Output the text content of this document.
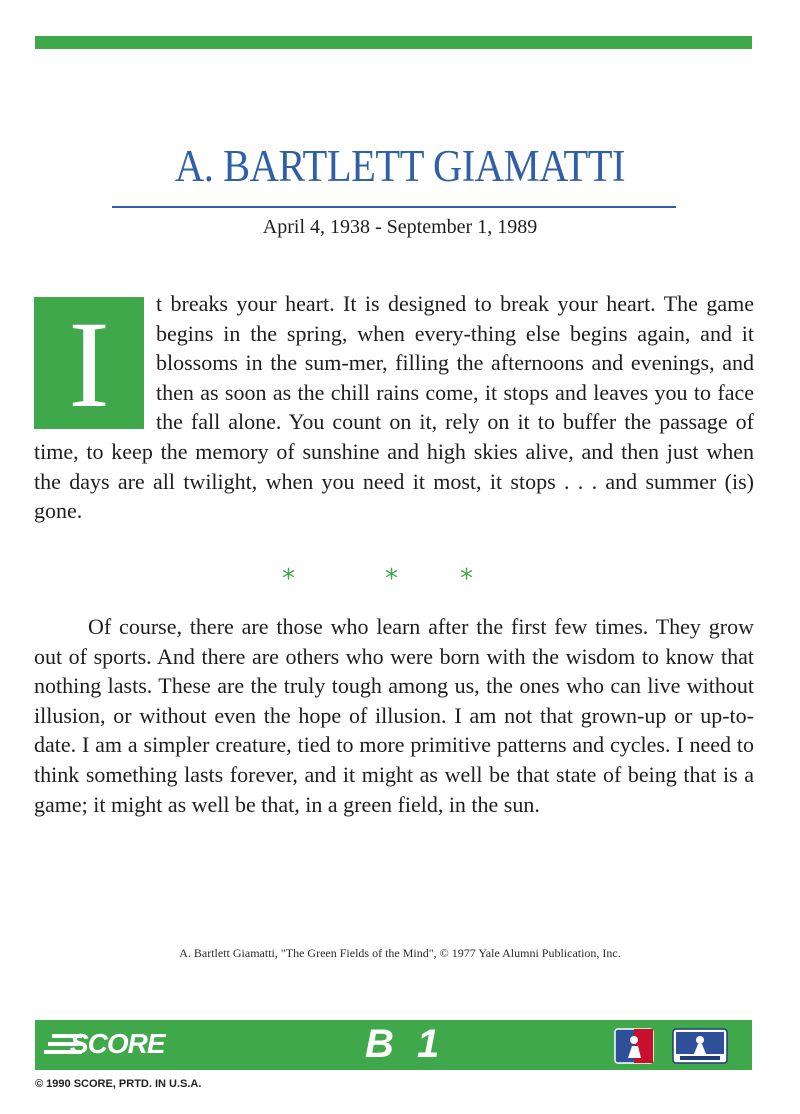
A. BARTLETT GIAMATTI
April 4, 1938 - September 1, 1989

I	t breaks your heart. It is designed to break your heart. The game begins in the spring, when every-thing else begins again, and it blossoms in the sum-mer, filling the afternoons and evenings, and then as soon as the chill rains come, it stops and leaves you to face the fall alone. You count on it, rely on it to buffer the passage of time, to keep the memory of sunshine and high skies alive, and then just when the days are all twilight, when you need it most, it stops . . . and summer (is) gone.

*	* *

Of course, there are those who learn after the first few times. They grow out of sports. And there are others who were born with the wisdom to know that nothing lasts. These are the truly tough among us, the ones who can live without illusion, or without even the hope of illusion. I am not that grown-up or up-to-date. I am a simpler creature, tied to more primitive patterns and cycles. I need to think something lasts forever, and it might as well be that state of being that is a game; it might as well be that, in a green field, in the sun.

A. Bartlett Giamatti, "The Green Fields of the Mind", © 1977 Yale Alumni Publication, Inc.
SCORE	B 1
© 1990 SCORE, PRTD. IN U.S.A.
